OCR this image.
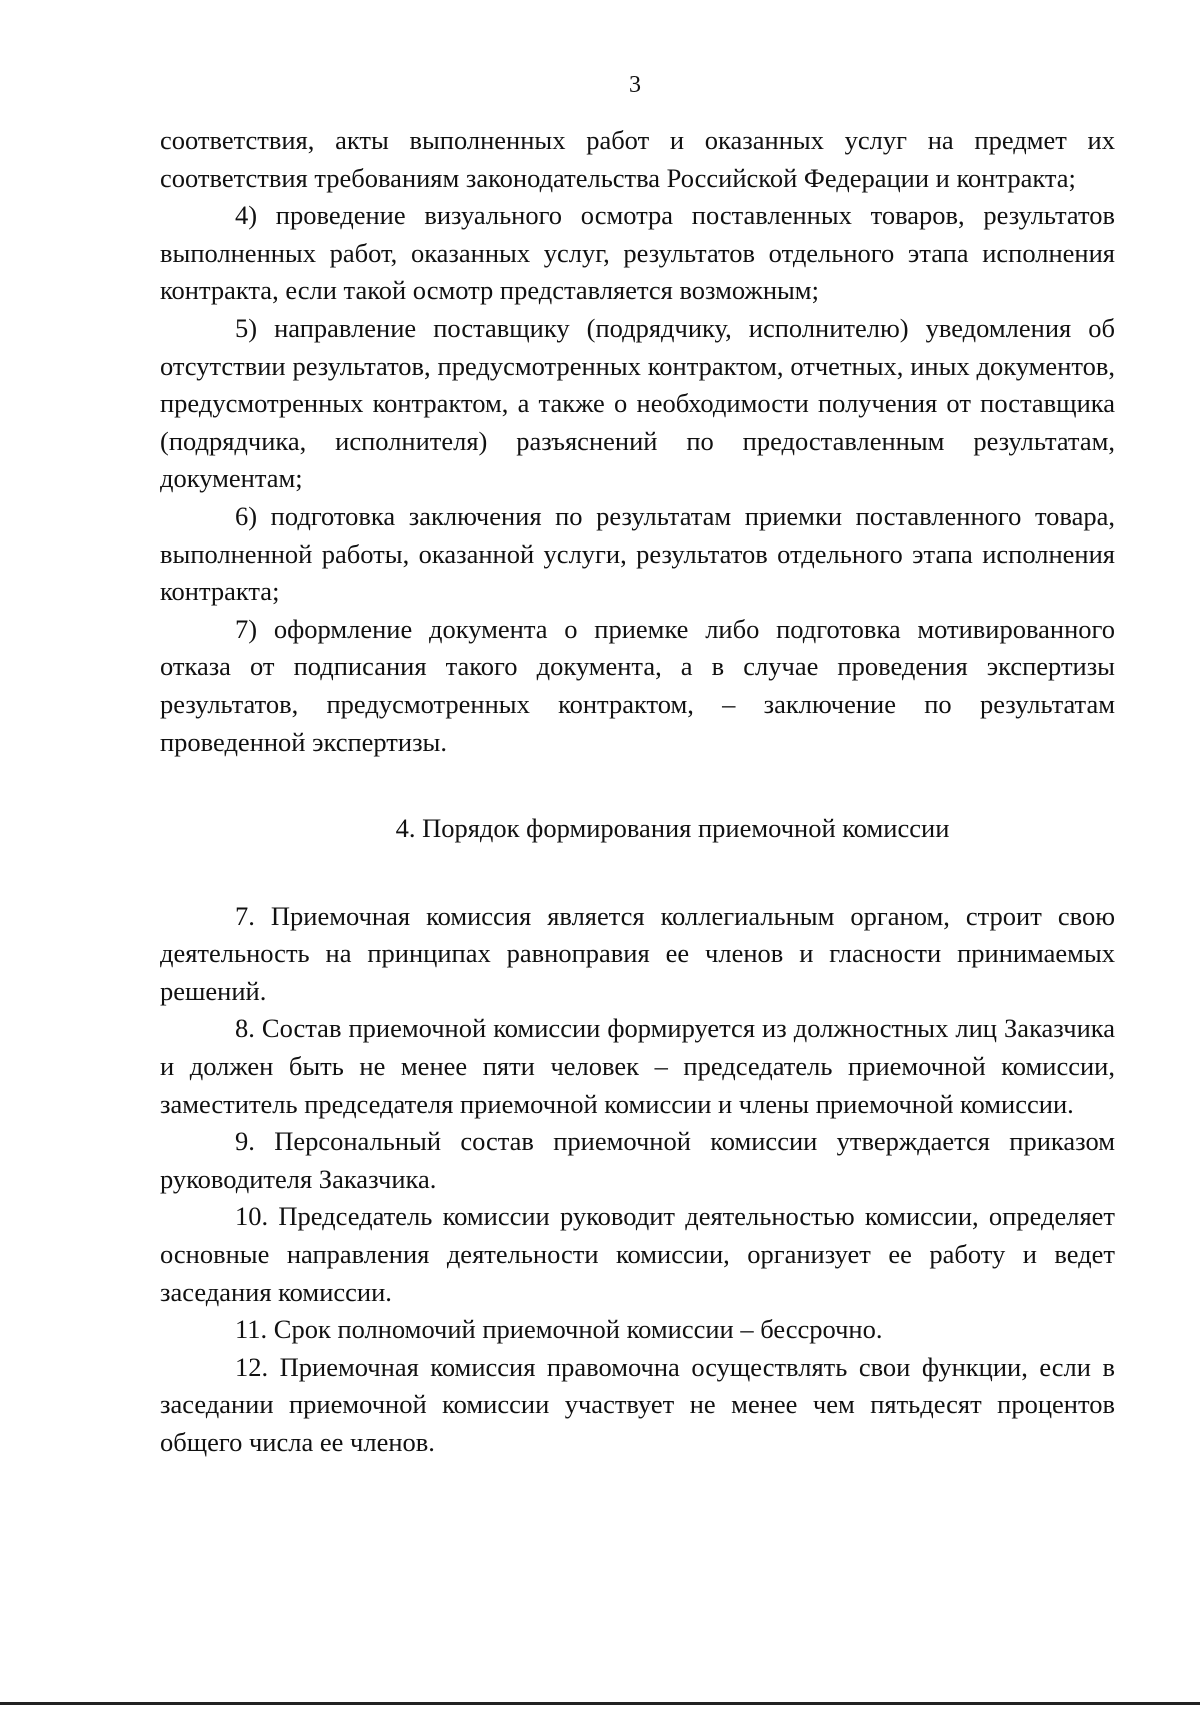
3

соответствия, акты выполненных работ и оказанных услуг на предмет их соответствия требованиям законодательства Российской Федерации и контракта;

4) проведение визуального осмотра поставленных товаров, результатов выполненных работ, оказанных услуг, результатов отдельного этапа исполнения контракта, если такой осмотр представляется возможным;

5) направление поставщику (подрядчику, исполнителю) уведомления об отсутствии результатов, предусмотренных контрактом, отчетных, иных документов, предусмотренных контрактом, а также о необходимости получения от поставщика (подрядчика, исполнителя) разъяснений по предоставленным результатам, документам;

6) подготовка заключения по результатам приемки поставленного товара, выполненной работы, оказанной услуги, результатов отдельного этапа исполнения контракта;

7) оформление документа о приемке либо подготовка мотивированного отказа от подписания такого документа, а в случае проведения экспертизы результатов, предусмотренных контрактом, – заключение по результатам проведенной экспертизы.

4. Порядок формирования приемочной комиссии

7. Приемочная комиссия является коллегиальным органом, строит свою деятельность на принципах равноправия ее членов и гласности принимаемых решений.

8. Состав приемочной комиссии формируется из должностных лиц Заказчика и должен быть не менее пяти человек – председатель приемочной комиссии, заместитель председателя приемочной комиссии и члены приемочной комиссии.

9. Персональный состав приемочной комиссии утверждается приказом руководителя Заказчика.

10. Председатель комиссии руководит деятельностью комиссии, определяет основные направления деятельности комиссии, организует ее работу и ведет заседания комиссии.

11. Срок полномочий приемочной комиссии – бессрочно.

12. Приемочная комиссия правомочна осуществлять свои функции, если в заседании приемочной комиссии участвует не менее чем пятьдесят процентов общего числа ее членов.
